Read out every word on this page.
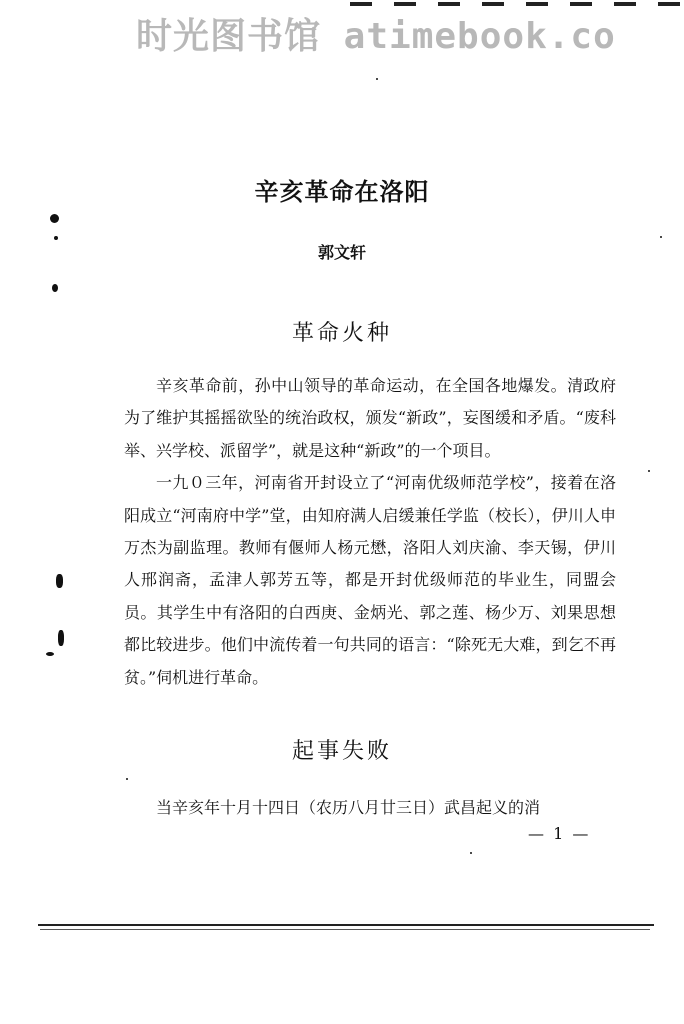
时光图书馆 atimebook.co
辛亥革命在洛阳
郭文轩
革命火种

辛亥革命前，孙中山领导的革命运动，在全国各地爆发。清政府为了维护其摇摇欲坠的统治政权，颁发“新政”，妄图缓和矛盾。“废科举、兴学校、派留学”，就是这种“新政”的一个项目。

一九０三年，河南省开封设立了“河南优级师范学校”，接着在洛阳成立“河南府中学”堂，由知府满人启缓兼任学监（校长），伊川人申万杰为副监理。教师有偃师人杨元懋，洛阳人刘庆渝、李天锡，伊川人邢润斋，孟津人郭芳五等，都是开封优级师范的毕业生，同盟会员。其学生中有洛阳的白西庚、金炳光、郭之莲、杨少万、刘果思想都比较进步。他们中流传着一句共同的语言：“除死无大难，到乞不再贫。”伺机进行革命。

起事失败

当辛亥年十月十四日（农历八月廿三日）武昌起义的消

— 1 —
